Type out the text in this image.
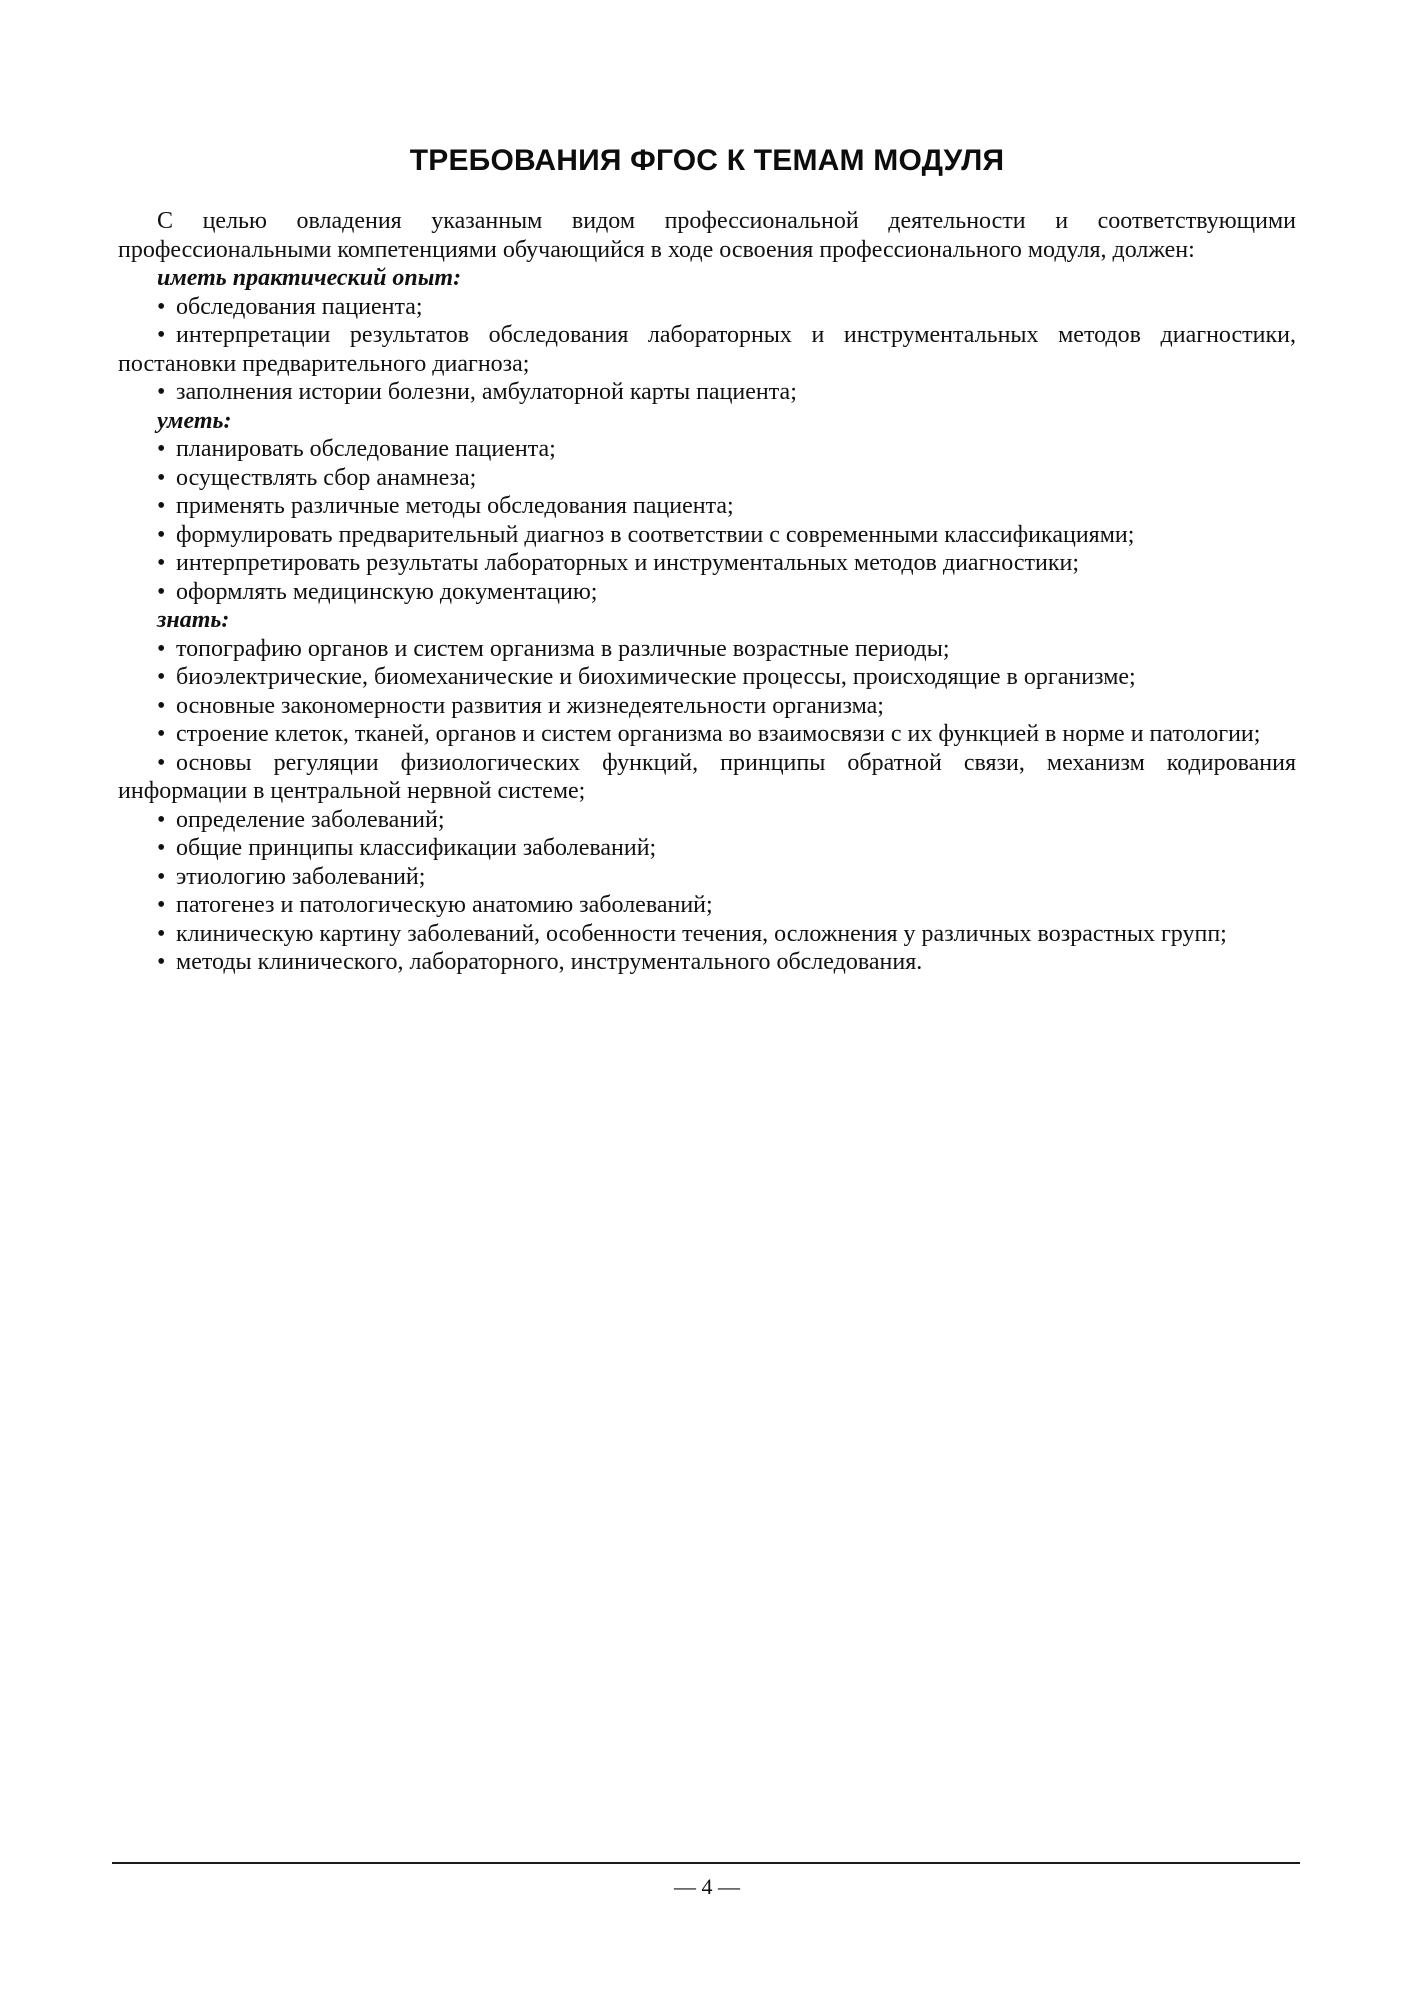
ТРЕБОВАНИЯ ФГОС К ТЕМАМ МОДУЛЯ

С целью овладения указанным видом профессиональной деятельности и соответствующими профессиональными компетенциями обучающийся в ходе освоения профессионального модуля, должен:

иметь практический опыт:

• обследования пациента;

• интерпретации результатов обследования лабораторных и инструментальных методов диагностики, постановки предварительного диагноза;

• заполнения истории болезни, амбулаторной карты пациента;

уметь:

• планировать обследование пациента;

• осуществлять сбор анамнеза;

• применять различные методы обследования пациента;

• формулировать предварительный диагноз в соответствии с современными классификациями;

• интерпретировать результаты лабораторных и инструментальных методов диагностики;

• оформлять медицинскую документацию;

знать:

• топографию органов и систем организма в различные возрастные периоды;

• биоэлектрические, биомеханические и биохимические процессы, происходящие в организме;

• основные закономерности развития и жизнедеятельности организма;

• строение клеток, тканей, органов и систем организма во взаимосвязи с их функцией в норме и патологии;

• основы регуляции физиологических функций, принципы обратной связи, механизм кодирования информации в центральной нервной системе;

• определение заболеваний;

• общие принципы классификации заболеваний;

• этиологию заболеваний;

• патогенез и патологическую анатомию заболеваний;

• клиническую картину заболеваний, особенности течения, осложнения у различных возрастных групп;

• методы клинического, лабораторного, инструментального обследования.

— 4 —
